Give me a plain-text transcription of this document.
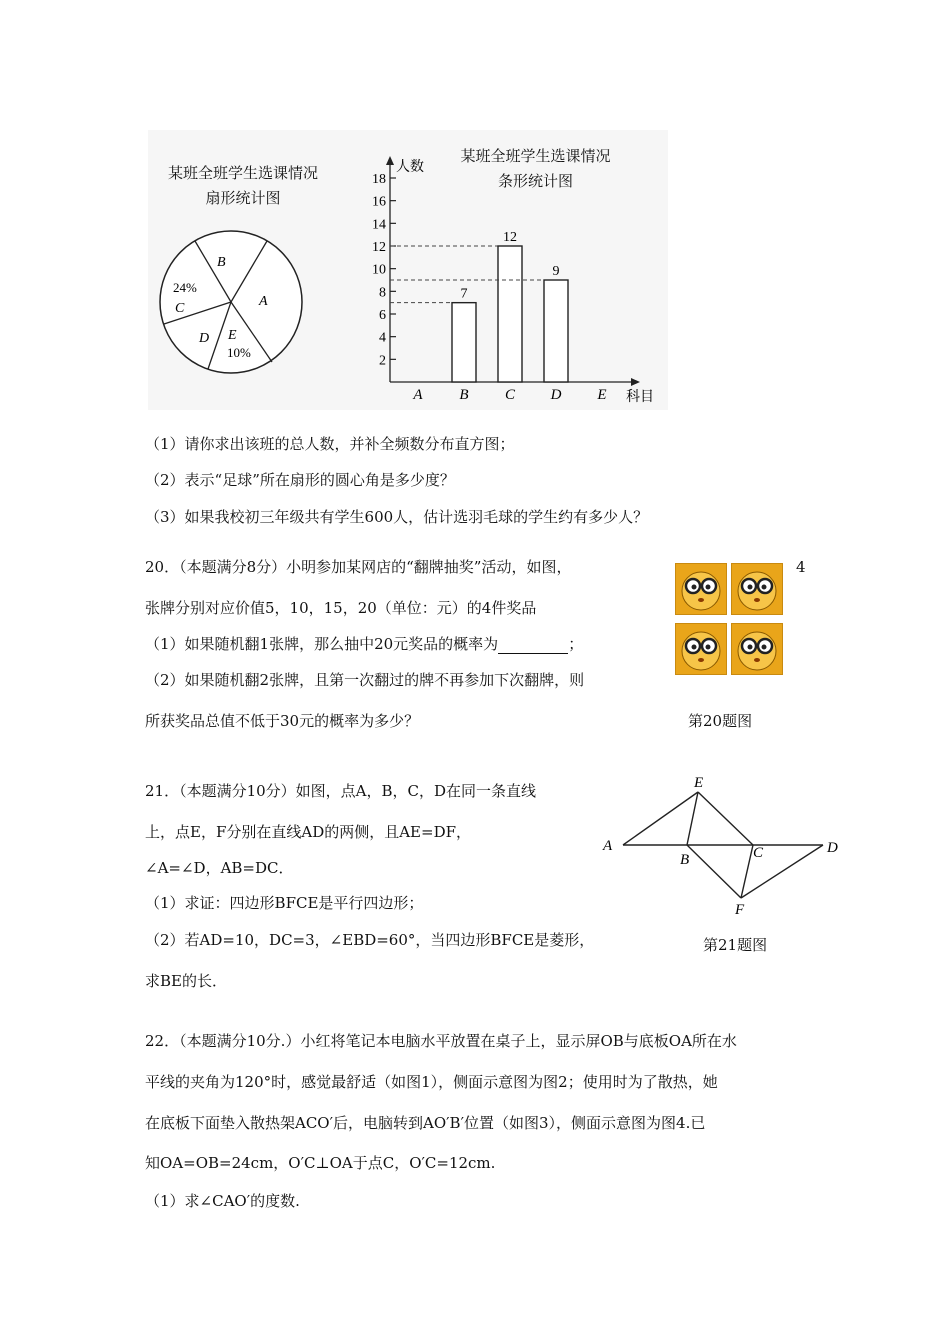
某班全班学生选课情况
扇形统计图
B
A
24%
C
D E
10%
某班全班学生选课情况
条形统计图
人数
科目
2
4
6
8
10
12
14
16
18
A B
7
C
12
D
9
E
（1）请你求出该班的总人数，并补全频数分布直方图；
（2）表示“足球”所在扇形的圆心角是多少度？
（3）如果我校初三年级共有学生600人，估计选羽毛球的学生约有多少人？
20．（本题满分8分）小明参加某网店的“翻牌抽奖”活动，如图，	4
张牌分别对应价值5，10，15，20（单位：元）的4件奖品
（1）如果随机翻1张牌，那么抽中20元奖品的概率为	；
（2）如果随机翻2张牌，且第一次翻过的牌不再参加下次翻牌，则
所获奖品总值不低于30元的概率为多少？	第20题图
21．（本题满分10分）如图，点A，B，C，D在同一条直线
上，点E，F分别在直线AD的两侧，且AE=DF，
∠A=∠D，AB=DC．
（1）求证：四边形BFCE是平行四边形；
（2）若AD=10，DC=3，∠EBD=60°，当四边形BFCE是菱形，
求BE的长．
A
B	C	D
E
F
第21题图
22．（本题满分10分.）小红将笔记本电脑水平放置在桌子上，显示屏OB与底板OA所在水
平线的夹角为120°时，感觉最舒适（如图1），侧面示意图为图2；使用时为了散热，她
在底板下面垫入散热架ACO′后，电脑转到AO′B′位置（如图3），侧面示意图为图4.已
知OA=OB=24cm，O′C⊥OA于点C，O′C=12cm.
（1）求∠CAO′的度数.
